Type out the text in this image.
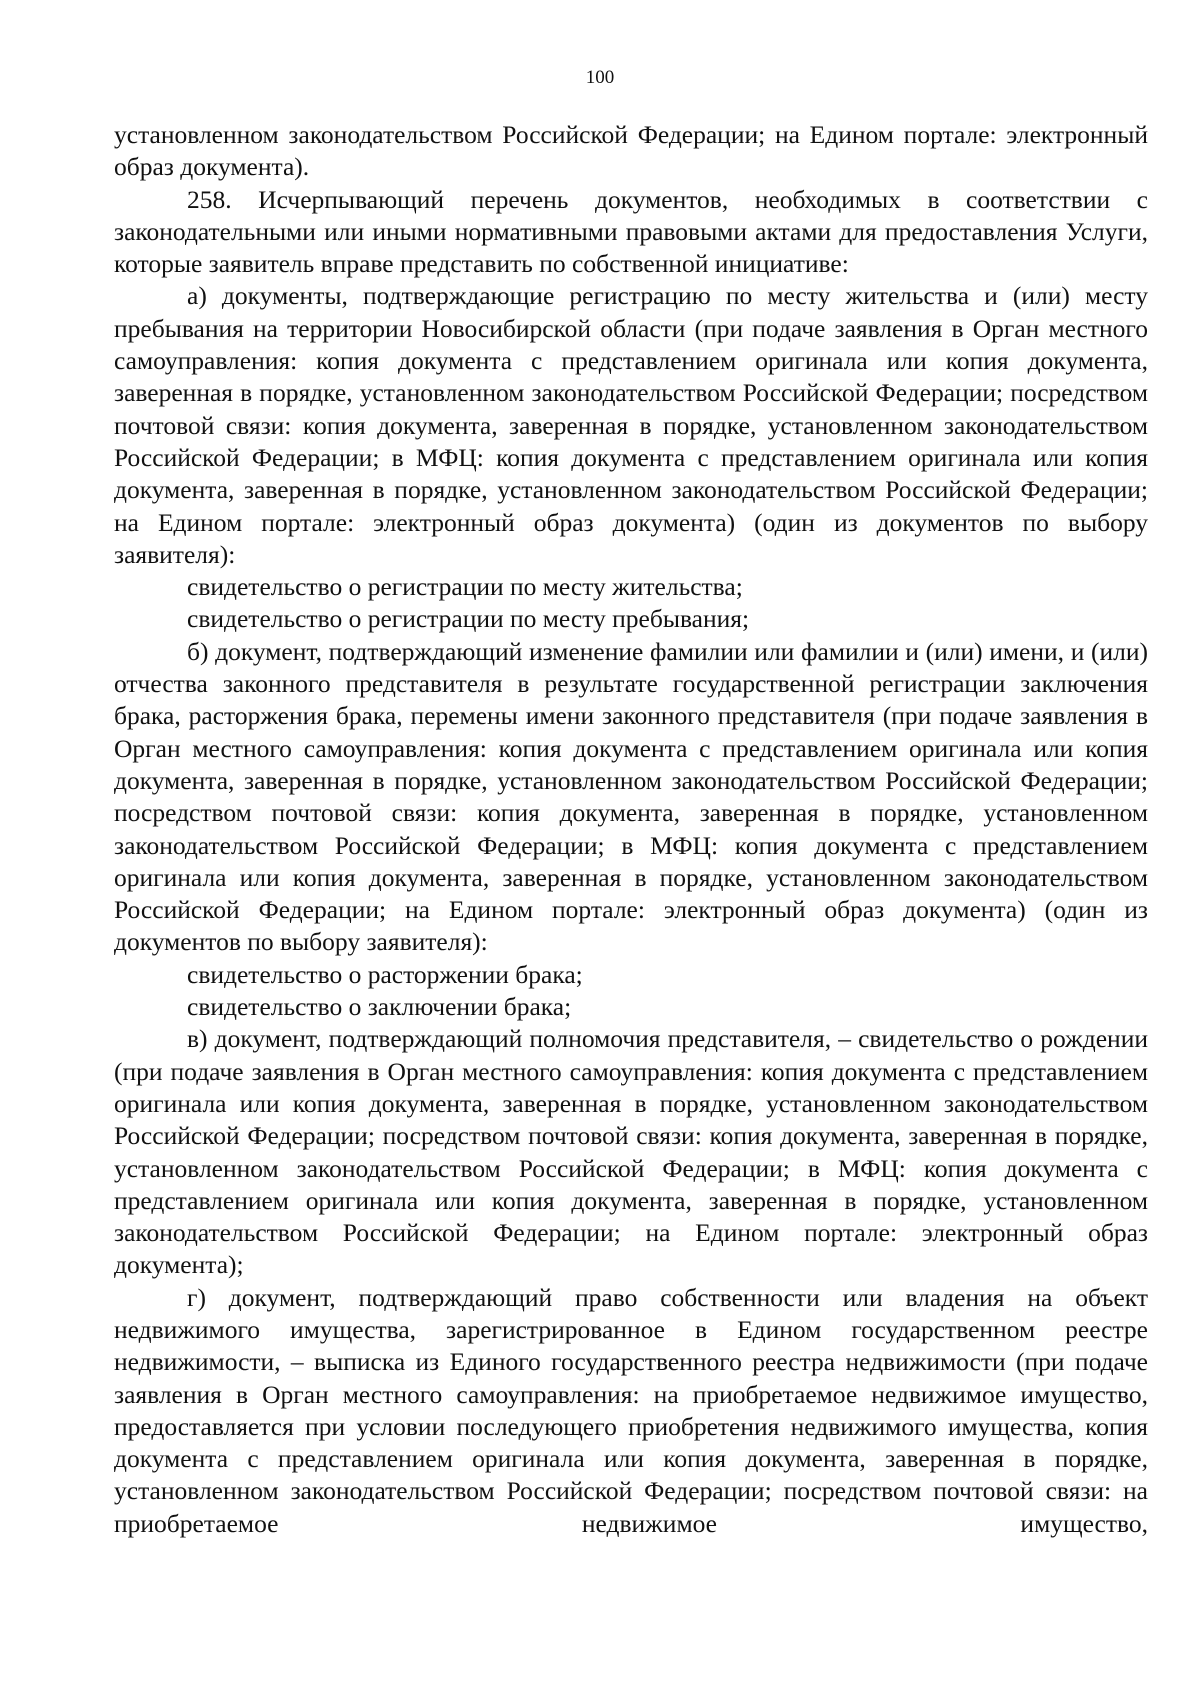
100

установленном законодательством Российской Федерации; на Едином портале: электронный образ документа).

258. Исчерпывающий перечень документов, необходимых в соответствии с законодательными или иными нормативными правовыми актами для предоставления Услуги, которые заявитель вправе представить по собственной инициативе:

а) документы, подтверждающие регистрацию по месту жительства и (или) месту пребывания на территории Новосибирской области (при подаче заявления в Орган местного самоуправления: копия документа с представлением оригинала или копия документа, заверенная в порядке, установленном законодательством Российской Федерации; посредством почтовой связи: копия документа, заверенная в порядке, установленном законодательством Российской Федерации; в МФЦ: копия документа с представлением оригинала или копия документа, заверенная в порядке, установленном законодательством Российской Федерации; на Едином портале: электронный образ документа) (один из документов по выбору заявителя):

свидетельство о регистрации по месту жительства;

свидетельство о регистрации по месту пребывания;

б) документ, подтверждающий изменение фамилии или фамилии и (или) имени, и (или) отчества законного представителя в результате государственной регистрации заключения брака, расторжения брака, перемены имени законного представителя (при подаче заявления в Орган местного самоуправления: копия документа с представлением оригинала или копия документа, заверенная в порядке, установленном законодательством Российской Федерации; посредством почтовой связи: копия документа, заверенная в порядке, установленном законодательством Российской Федерации; в МФЦ: копия документа с представлением оригинала или копия документа, заверенная в порядке, установленном законодательством Российской Федерации; на Едином портале: электронный образ документа) (один из документов по выбору заявителя):

свидетельство о расторжении брака;

свидетельство о заключении брака;

в) документ, подтверждающий полномочия представителя, – свидетельство о рождении (при подаче заявления в Орган местного самоуправления: копия документа с представлением оригинала или копия документа, заверенная в порядке, установленном законодательством Российской Федерации; посредством почтовой связи: копия документа, заверенная в порядке, установленном законодательством Российской Федерации; в МФЦ: копия документа с представлением оригинала или копия документа, заверенная в порядке, установленном законодательством Российской Федерации; на Едином портале: электронный образ документа);

г) документ, подтверждающий право собственности или владения на объект недвижимого имущества, зарегистрированное в Едином государственном реестре недвижимости, – выписка из Единого государственного реестра недвижимости (при подаче заявления в Орган местного самоуправления: на приобретаемое недвижимое имущество, предоставляется при условии последующего приобретения недвижимого имущества, копия документа с представлением оригинала или копия документа, заверенная в порядке, установленном законодательством Российской Федерации; посредством почтовой связи: на приобретаемое недвижимое имущество,
